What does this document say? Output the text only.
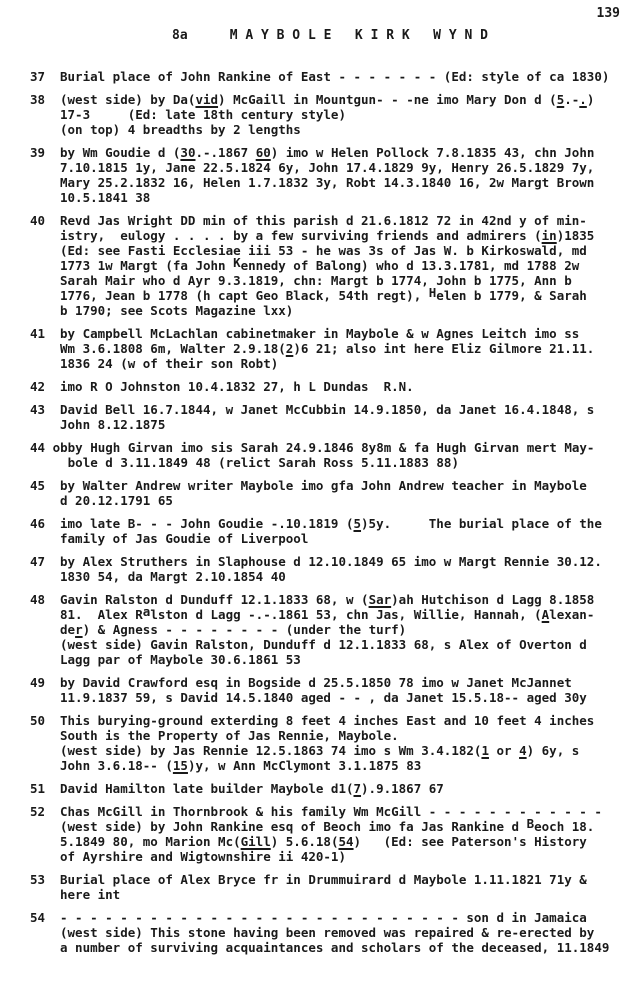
139
8a	M A Y B O L E   K I R K   W Y N D
37	Burial place of John Rankine of East - - - - - - - (Ed: style of ca 1830)
38	(west side) by Da(vid) McGaill in Mountgun- - -ne imo Mary Don d (5.-.)
17-3     (Ed: late 18th century style)
(on top) 4 breadths by 2 lengths
39	by Wm Goudie d (30.-.1867 60) imo w Helen Pollock 7.8.1835 43, chn John
7.10.1815 1y, Jane 22.5.1824 6y, John 17.4.1829 9y, Henry 26.5.1829 7y,
Mary 25.2.1832 16, Helen 1.7.1832 3y, Robt 14.3.1840 16, 2w Margt Brown
10.5.1841 38
40	Revd Jas Wright DD min of this parish d 21.6.1812 72 in 42nd y of min-
istry,  eulogy . . . . by a few surviving friends and admirers (in)1835
(Ed: see Fasti Ecclesiae iii 53 - he was 3s of Jas W. b Kirkoswald, md
1773 1w Margt (fa John Kennedy of Balong) who d 13.3.1781, md 1788 2w
Sarah Mair who d Ayr 9.3.1819, chn: Margt b 1774, John b 1775, Ann b
1776, Jean b 1778 (h capt Geo Black, 54th regt), Helen b 1779, & Sarah
b 1790; see Scots Magazine lxx)
41	by Campbell McLachlan cabinetmaker in Maybole & w Agnes Leitch imo ss
Wm 3.6.1808 6m, Walter 2.9.18(2)6 21; also int here Eliz Gilmore 21.11.
1836 24 (w of their son Robt)
42	imo R O Johnston 10.4.1832 27, h L Dundas  R.N.
43	David Bell 16.7.1844, w Janet McCubbin 14.9.1850, da Janet 16.4.1848, s
John 8.12.1875
44 ob by Hugh Girvan imo sis Sarah 24.9.1846 8y8m & fa Hugh Girvan mert May-
bole d 3.11.1849 48 (relict Sarah Ross 5.11.1883 88)
45	by Walter Andrew writer Maybole imo gfa John Andrew teacher in Maybole
d 20.12.1791 65
46	imo late B- - - John Goudie -.10.1819 (5)5y.     The burial place of the
family of Jas Goudie of Liverpool
47	by Alex Struthers in Slaphouse d 12.10.1849 65 imo w Margt Rennie 30.12.
1830 54, da Margt 2.10.1854 40
48	Gavin Ralston d Dunduff 12.1.1833 68, w (Sar)ah Hutchison d Lagg 8.1858
81.  Alex Ralston d Lagg -.-.1861 53, chn Jas, Willie, Hannah, (Alexan-
der) & Agness - - - - - - - - (under the turf)
(west side) Gavin Ralston, Dunduff d 12.1.1833 68, s Alex of Overton d
Lagg par of Maybole 30.6.1861 53
49	by David Crawford esq in Bogside d 25.5.1850 78 imo w Janet McJannet
11.9.1837 59, s David 14.5.1840 aged - - , da Janet 15.5.18-- aged 30y
50	This burying-ground exterding 8 feet 4 inches East and 10 feet 4 inches
South is the Property of Jas Rennie, Maybole.
(west side) by Jas Rennie 12.5.1863 74 imo s Wm 3.4.182(1 or 4) 6y, s
John 3.6.18-- (15)y, w Ann McClymont 3.1.1875 83
51	David Hamilton late builder Maybole d1(7).9.1867 67
52	Chas McGill in Thornbrook & his family Wm McGill - - - - - - - - - - - -
(west side) by John Rankine esq of Beoch imo fa Jas Rankine d Beoch 18.
5.1849 80, mo Marion Mc(Gill) 5.6.18(54)   (Ed: see Paterson's History
of Ayrshire and Wigtownshire ii 420-1)
53	Burial place of Alex Bryce fr in Drummuirard d Maybole 1.11.1821 71y &
here int
54	- - - - - - - - - - - - - - - - - - - - - - - - - - - son d in Jamaica
(west side) This stone having been removed was repaired & re-erected by
a number of surviving acquaintances and scholars of the deceased, 11.1849
